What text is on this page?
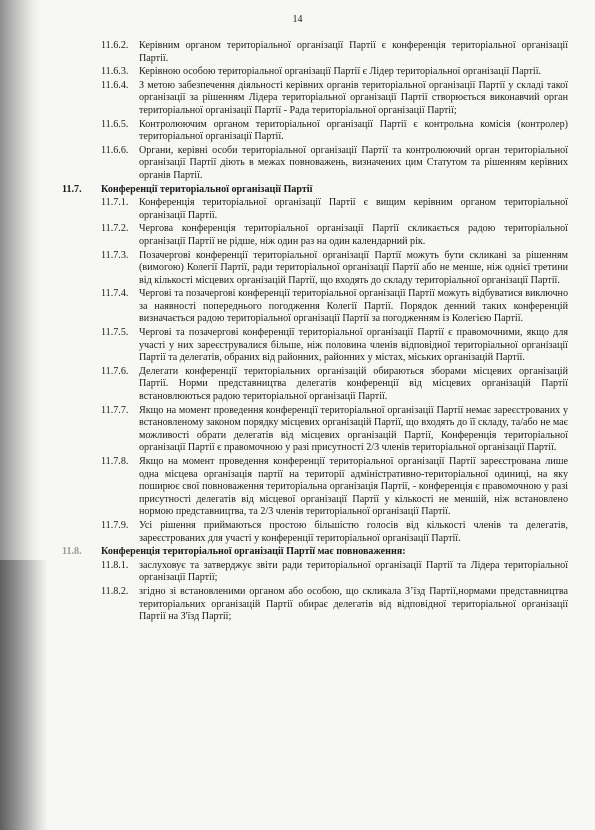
14
11.6.2. Керівним органом територіальної організації Партії є конференція територіальної організації Партії.
11.6.3. Керівною особою територіальної організації Партії є Лідер територіальної організації Партії.
11.6.4. З метою забезпечення діяльності керівних органів територіальної організації Партії у складі такої організації за рішенням Лідера територіальної організації Партії створюється виконавчий орган територіальної організації Партії - Рада територіальної організації Партії;
11.6.5. Контролюючим органом територіальної організації Партії є контрольна комісія (контролер) територіальної організації Партії.
11.6.6. Органи, керівні особи територіальної організації Партії та контролюючий орган територіальної організації Партії діють в межах повноважень, визначених цим Статутом та рішенням керівних органів Партії.
11.7. Конференції територіальної організації Партії
11.7.1. Конференція територіальної організації Партії є вищим керівним органом територіальної організації Партії.
11.7.2. Чергова конференція територіальної організації Партії скликається радою територіальної організації Партії не рідше, ніж один раз на один календарний рік.
11.7.3. Позачергові конференції територіальної організації Партії можуть бути скликані за рішенням (вимогою) Колегії Партії, ради територіальної організації Партії або не менше, ніж однієї третини від кількості місцевих організацій Партії, що входять до складу територіальної організації Партії.
11.7.4. Чергові та позачергові конференції територіальної організації Партії можуть відбуватися виключно за наявності попереднього погодження Колегії Партії. Порядок денний таких конференцій визначається радою територіальної організації Партії за погодженням із Колегією Партії.
11.7.5. Чергові та позачергові конференції територіальної організації Партії є правомочними, якщо для участі у них зареєструвалися більше, ніж половина членів відповідної територіальної організації Партії та делегатів, обраних від районних, районних у містах, міських організацій Партії.
11.7.6. Делегати конференції територіальних організацій обираються зборами місцевих організацій Партії. Норми представництва делегатів конференції від місцевих організацій Партії встановлюються радою територіальної організації Партії.
11.7.7. Якщо на момент проведення конференції територіальної організації Партії немає зареєстрованих у встановленому законом порядку місцевих організацій Партії, що входять до її складу, та/або не має можливості обрати делегатів від місцевих організацій Партії, Конференція територіальної організації Партії є правомочною у разі присутності 2/3 членів територіальної організації Партії.
11.7.8. Якщо на момент проведення конференції територіальної організації Партії зареєстрована лише одна місцева організація партії на території адміністративно-територіальної одиниці, на яку поширює свої повноваження територіальна організація Партії, - конференція є правомочною у разі присутності делегатів від місцевої організації Партії у кількості не меншій, ніж встановлено нормою представництва, та 2/3 членів територіальної організації Партії.
11.7.9. Усі рішення приймаються простою більшістю голосів від кількості членів та делегатів, зареєстрованих для участі у конференції територіальної організації Партії.
11.8. Конференція територіальної організації Партії має повноваження:
11.8.1. заслуховує та затверджує звіти ради територіальної організації Партії та Лідера територіальної організації Партії;
11.8.2. згідно зі встановленими органом або особою, що скликала З’їзд Партії,нормами представництва територіальних організацій Партії обирає делегатів від відповідної територіальної організації Партії на З'їзд Партії;
